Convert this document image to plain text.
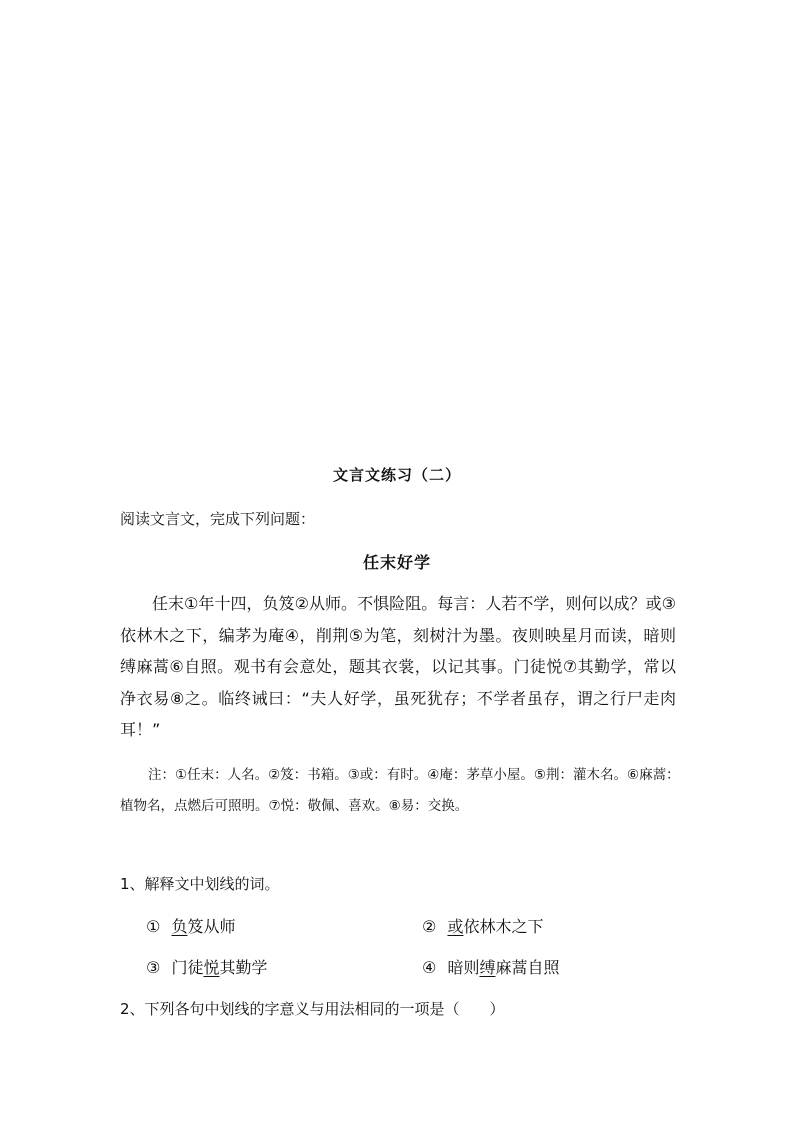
文言文练习（二）
阅读文言文，完成下列问题：
任末好学
任末①年十四，负笈②从师。不惧险阻。每言：人若不学，则何以成？或③依林木之下，编茅为庵④，削荆⑤为笔，刻树汁为墨。夜则映星月而读，暗则缚麻蒿⑥自照。观书有会意处，题其衣裳，以记其事。门徒悦⑦其勤学，常以净衣易⑧之。临终诫曰：“夫人好学，虽死犹存；不学者虽存，谓之行尸走肉耳！”
注：①任末：人名。②笈：书箱。③或：有时。④庵：茅草小屋。⑤荆：灌木名。⑥麻蒿：植物名，点燃后可照明。⑦悦：敬佩、喜欢。⑧易：交换。
1、解释文中划线的词。
① 负笈从师	② 或依林木之下
③ 门徒悦其勤学	④ 暗则缚麻蒿自照
2、下列各句中划线的字意义与用法相同的一项是（　　）
